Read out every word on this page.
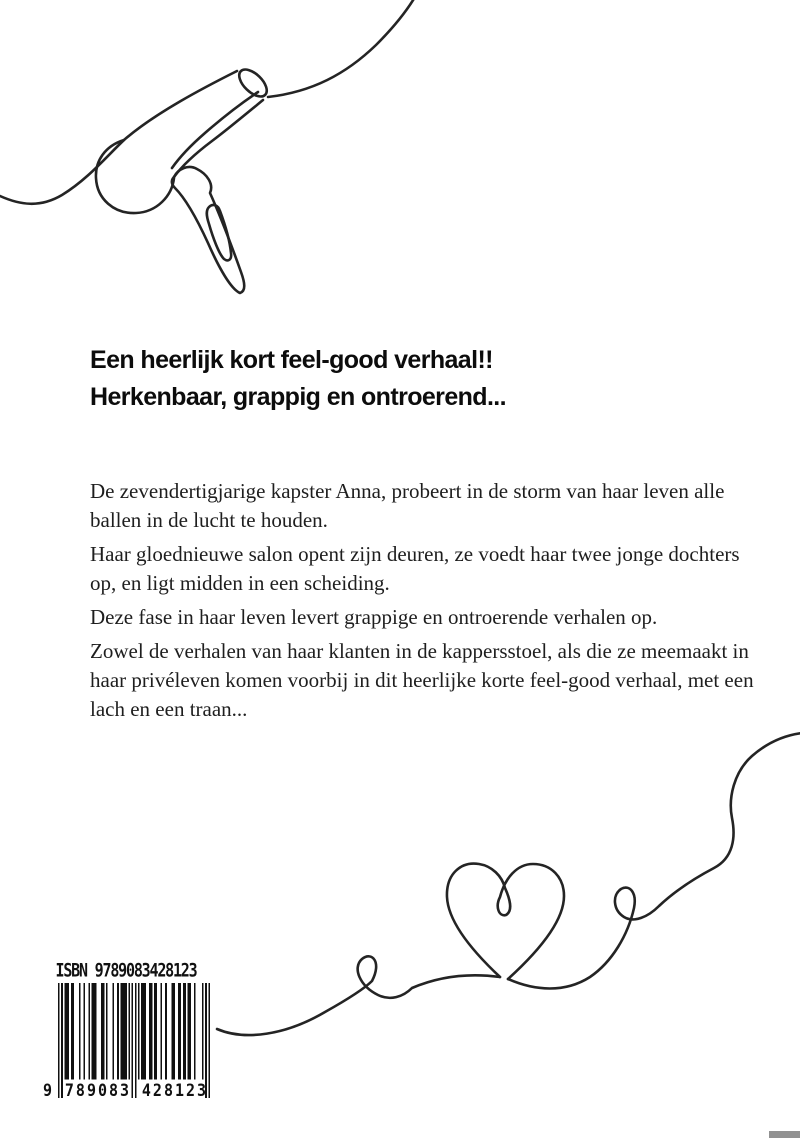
Een heerlijk kort feel-good verhaal!!
Herkenbaar, grappig en ontroerend...

De zevendertigjarige kapster Anna, probeert in de storm van haar leven alle ballen in de lucht te houden.

Haar gloednieuwe salon opent zijn deuren, ze voedt haar twee jonge dochters op, en ligt midden in een scheiding.

Deze fase in haar leven levert grappige en ontroerende verhalen op.

Zowel de verhalen van haar klanten in de kappersstoel, als die ze meemaakt in haar privéleven komen voorbij in dit heerlijke korte feel-good verhaal, met een lach en een traan...

ISBN 9789083428123
9 789083 428123
